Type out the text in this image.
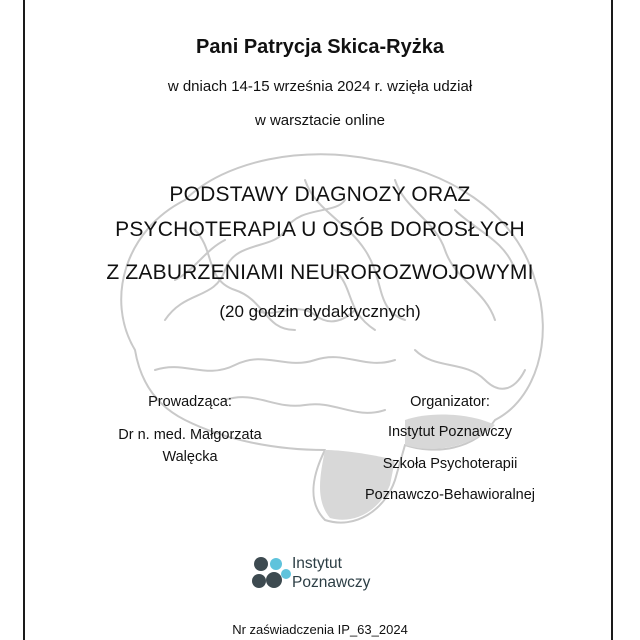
Pani Patrycja Skica-Ryżka
w dniach 14-15 września 2024 r. wzięła udział
w warsztacie online
PODSTAWY DIAGNOZY ORAZ
PSYCHOTERAPIA U OSÓB DOROSŁYCH
Z ZABURZENIAMI NEUROROZWOJOWYMI
(20 godzin dydaktycznych)
Prowadząca:
Dr n. med. Małgorzata
Walęcka
Organizator:
Instytut Poznawczy
Szkoła Psychoterapii
Poznawczo-Behawioralnej
Instytut
Poznawczy
Nr zaświadczenia IP_63_2024
